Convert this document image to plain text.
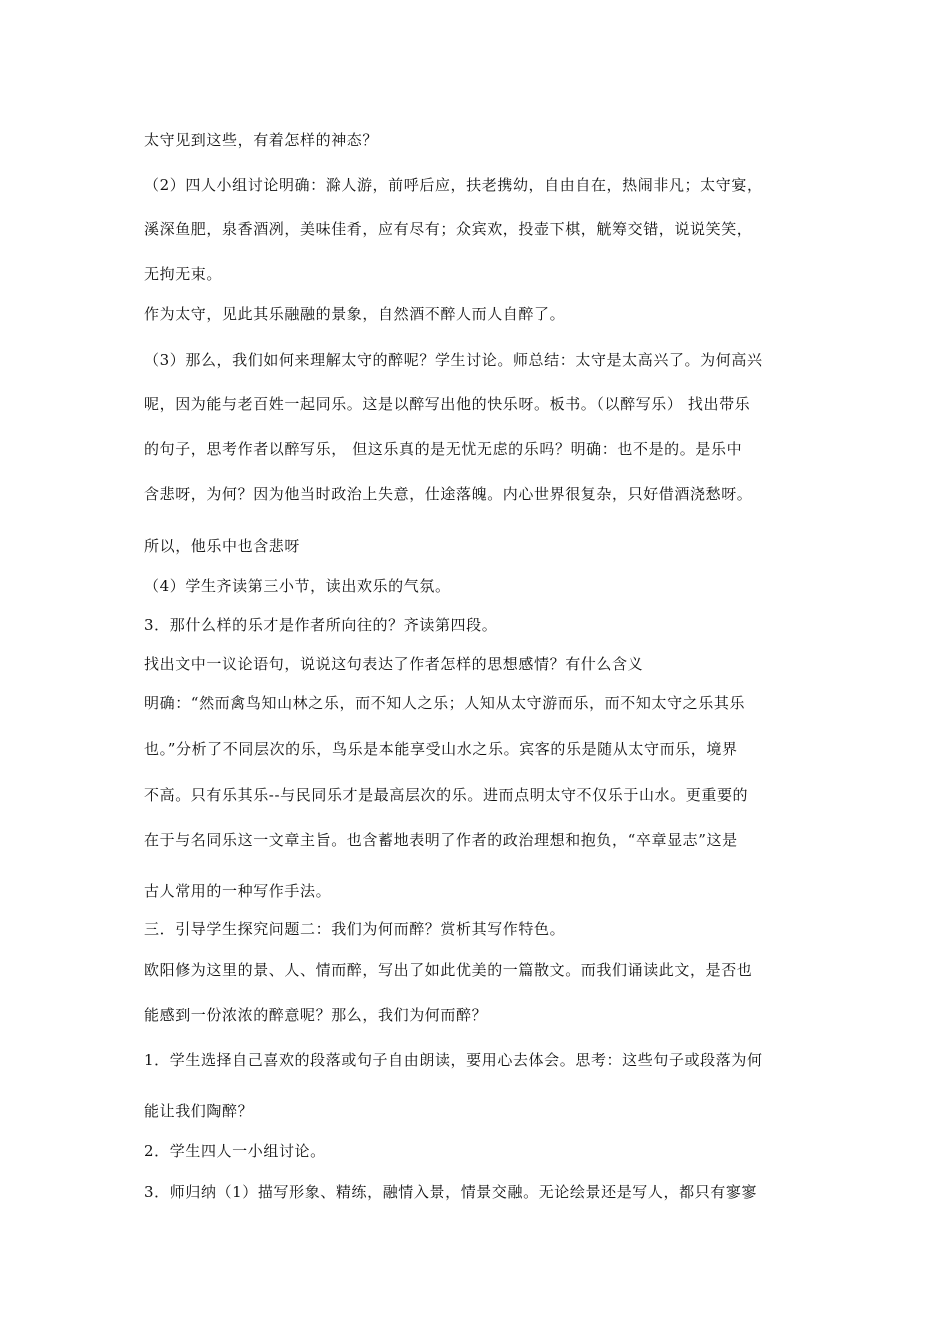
太守见到这些，有着怎样的神态？
（2）四人小组讨论明确：滁人游，前呼后应，扶老携幼，自由自在，热闹非凡；太守宴，
溪深鱼肥，泉香酒冽，美味佳肴，应有尽有；众宾欢，投壶下棋，觥筹交错，说说笑笑，
无拘无束。
作为太守，见此其乐融融的景象，自然酒不醉人而人自醉了。
（3）那么，我们如何来理解太守的醉呢？学生讨论。师总结：太守是太高兴了。为何高兴
呢，因为能与老百姓一起同乐。这是以醉写出他的快乐呀。板书。（以醉写乐） 找出带乐
的句子，思考作者以醉写乐， 但这乐真的是无忧无虑的乐吗？明确：也不是的。是乐中
含悲呀，为何？因为他当时政治上失意，仕途落魄。内心世界很复杂，只好借酒浇愁呀。
所以，他乐中也含悲呀
（4）学生齐读第三小节，读出欢乐的气氛。
3．那什么样的乐才是作者所向往的？齐读第四段。
找出文中一议论语句，说说这句表达了作者怎样的思想感情？有什么含义
明确：“然而禽鸟知山林之乐，而不知人之乐；人知从太守游而乐，而不知太守之乐其乐
也。”分析了不同层次的乐，鸟乐是本能享受山水之乐。宾客的乐是随从太守而乐，境界
不高。只有乐其乐--与民同乐才是最高层次的乐。进而点明太守不仅乐于山水。更重要的
在于与名同乐这一文章主旨。也含蓄地表明了作者的政治理想和抱负，“卒章显志”这是
古人常用的一种写作手法。
三．引导学生探究问题二：我们为何而醉？赏析其写作特色。
欧阳修为这里的景、人、情而醉，写出了如此优美的一篇散文。而我们诵读此文，是否也
能感到一份浓浓的醉意呢？那么，我们为何而醉？
1．学生选择自己喜欢的段落或句子自由朗读，要用心去体会。思考：这些句子或段落为何
能让我们陶醉？
2．学生四人一小组讨论。
3．师归纳（1）描写形象、精练，融情入景，情景交融。无论绘景还是写人，都只有寥寥
